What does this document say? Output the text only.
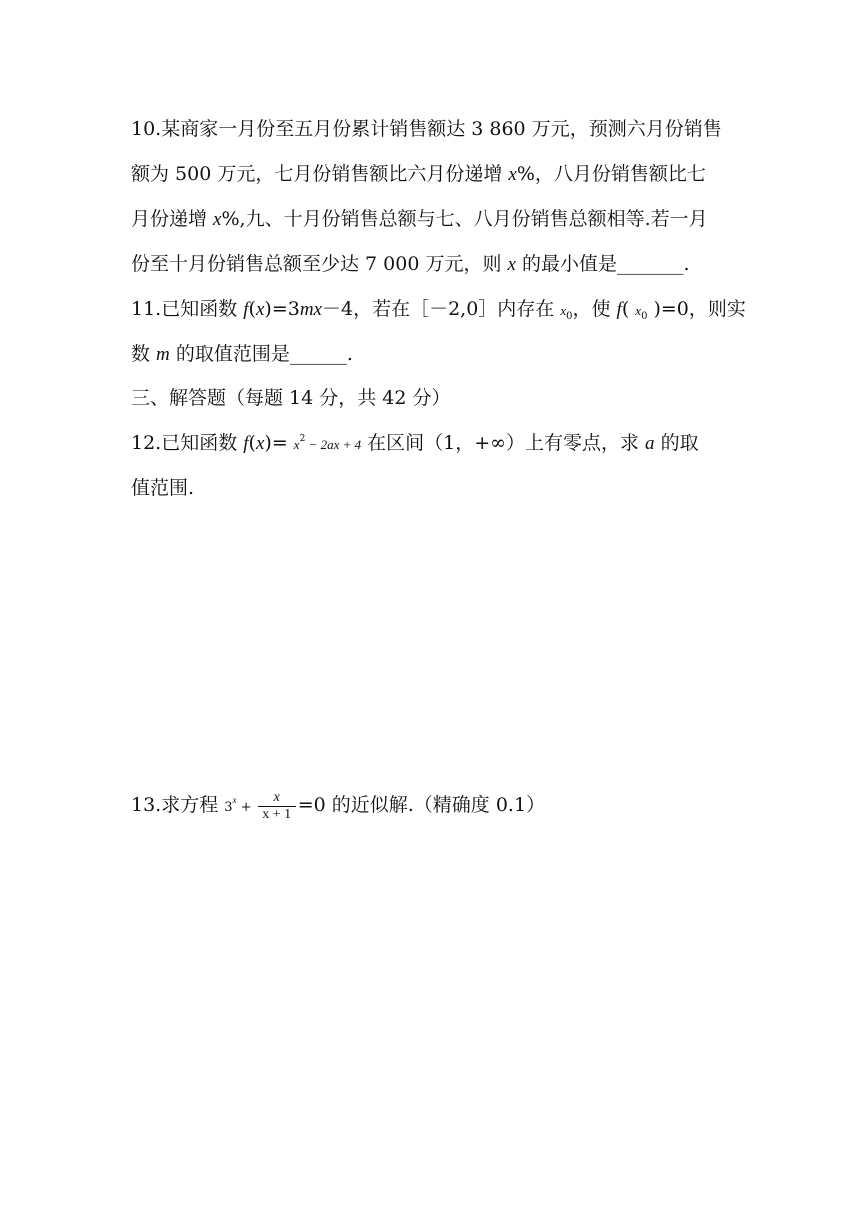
10.某商家一月份至五月份累计销售额达 3 860 万元，预测六月份销售
额为 500 万元，七月份销售额比六月份递增 x%，八月份销售额比七
月份递增 x%,九、十月份销售总额与七、八月份销售总额相等.若一月
份至十月份销售总额至少达 7 000 万元，则 x 的最小值是_______.
11.已知函数 f(x)=3mx－4，若在［－2,0］内存在 $x_0$，使 f( $x_0$ )=0，则实
数 m 的取值范围是______.
三、解答题（每题 14 分，共 42 分）
12.已知函数 $f(x)= x^2 - 2ax + 4$ 在区间（1，+∞）上有零点，求 a 的取
值范围.
13.求方程 $3^x + \frac{x}{x + 1} =0$ 的近似解.（精确度 0.1）
